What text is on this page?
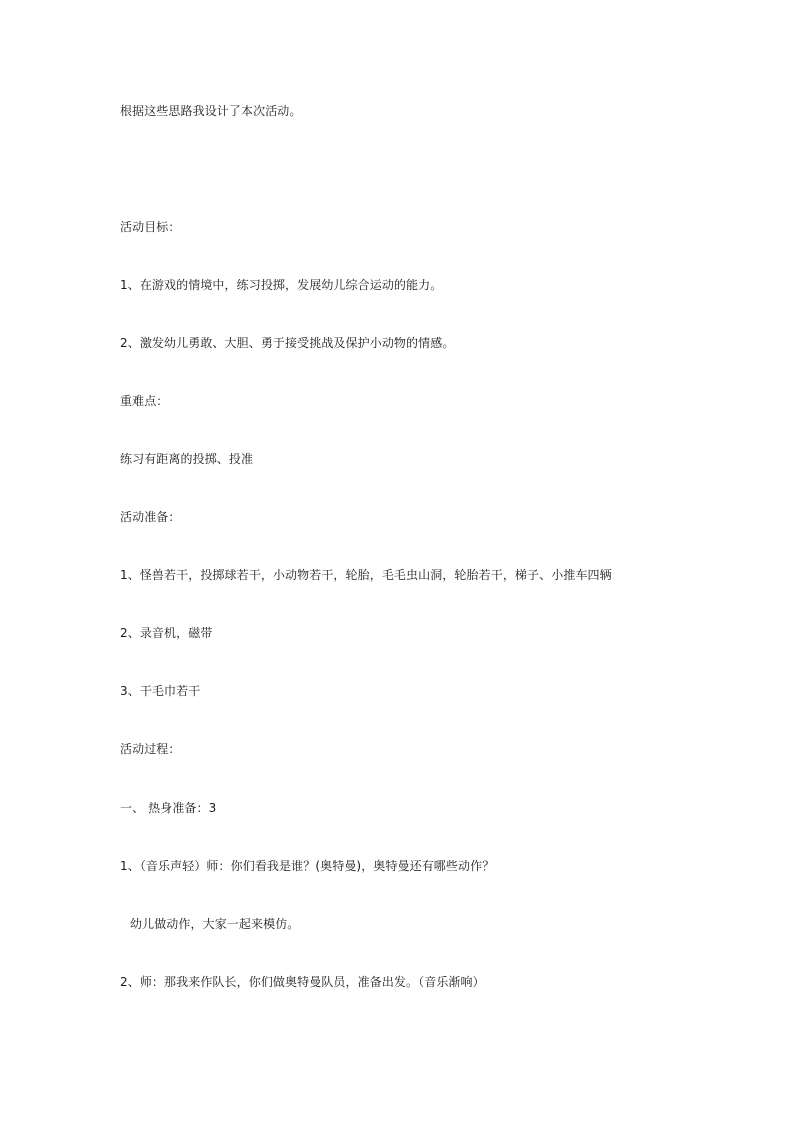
根据这些思路我设计了本次活动。
活动目标：
1、在游戏的情境中，练习投掷，发展幼儿综合运动的能力。
2、激发幼儿勇敢、大胆、勇于接受挑战及保护小动物的情感。
重难点：
练习有距离的投掷、投准
活动准备：
1、怪兽若干，投掷球若干，小动物若干，轮胎，毛毛虫山洞，轮胎若干，梯子、小推车四辆
2、录音机，磁带
3、干毛巾若干
活动过程：
一、 热身准备：3
1、（音乐声轻）师：你们看我是谁？(奥特曼)，奥特曼还有哪些动作？
幼儿做动作，大家一起来模仿。
2、师：那我来作队长，你们做奥特曼队员，准备出发。（音乐渐响）
